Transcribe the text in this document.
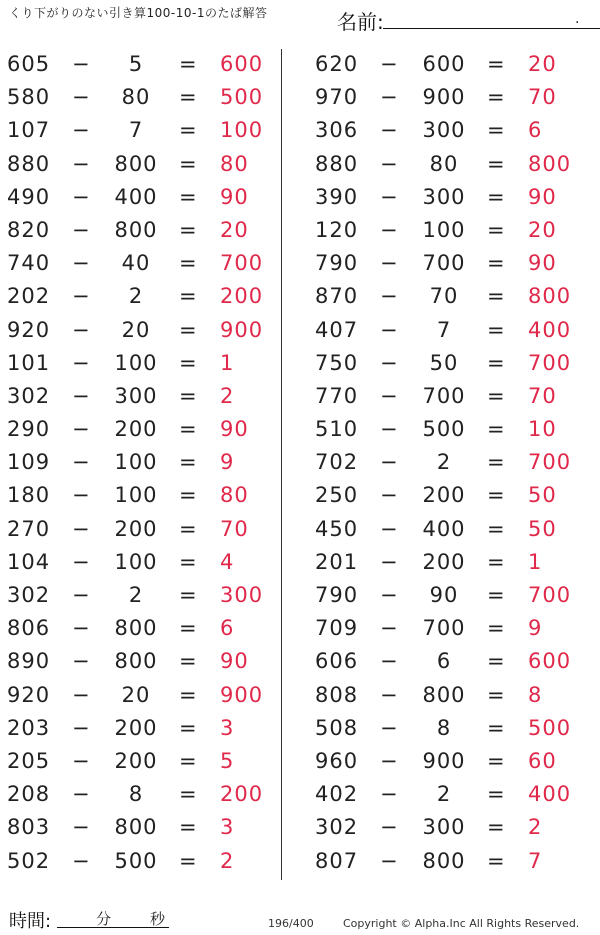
くり下がりのない引き算100-10-1のたば解答	名前:	.
605 −	5	= 600
580 −	80	= 500
107 −	7	= 100
880 −	800	= 80
490 −	400	= 90
820 −	800	= 20
740 −	40	= 700
202 −	2	= 200
920 −	20	= 900
101 −	100	= 1
302 −	300	= 2
290 −	200	= 90
109 −	100	= 9
180 −	100	= 80
270 −	200	= 70
104 −	100	= 4
302 −	2	= 300
806 −	800	= 6
890 −	800	= 90
920 −	20	= 900
203 −	200	= 3
205 −	200	= 5
208 −	8	= 200
803 −	800	= 3
502 −	500	= 2
620 −	600	= 20
970 −	900	= 70
306 −	300	= 6
880 −	80	= 800
390 −	300	= 90
120 −	100	= 20
790 −	700	= 90
870 −	70	= 800
407 −	7	= 400
750 −	50	= 700
770 −	700	= 70
510 −	500	= 10
702 −	2	= 700
250 −	200	= 50
450 −	400	= 50
201 −	200	= 1
790 −	90	= 700
709 −	700	= 9
606 −	6	= 600
808 −	800	= 8
508 −	8	= 500
960 −	900	= 60
402 −	2	= 400
302 −	300	= 2
807 −	800	= 7
時間:	分	秒	196/400	Copyright © Alpha.Inc All Rights Reserved.
